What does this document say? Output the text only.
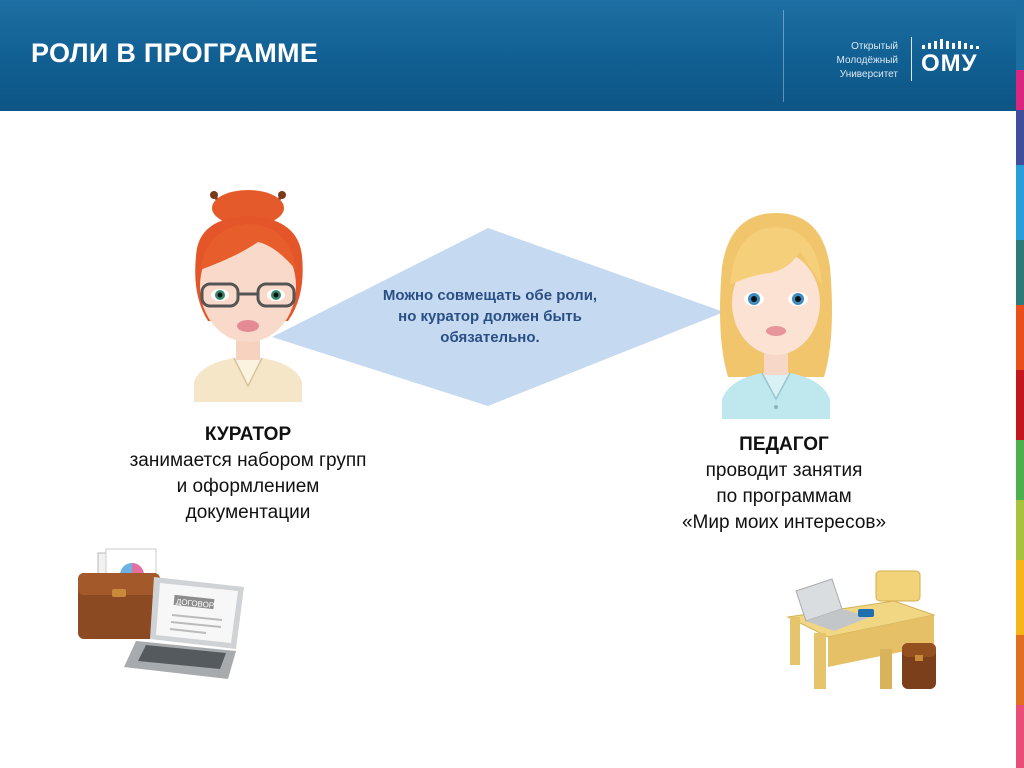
РОЛИ В ПРОГРАММЕ	Открытый
Молодёжный
Университет ОМУ
Можно совмещать обе роли,
но куратор должен быть
обязательно.
КУРАТОР
занимается набором групп
и оформлением
документации
ПЕДАГОГ
проводит занятия
по программам
«Мир моих интересов»
ДОГОВОР
